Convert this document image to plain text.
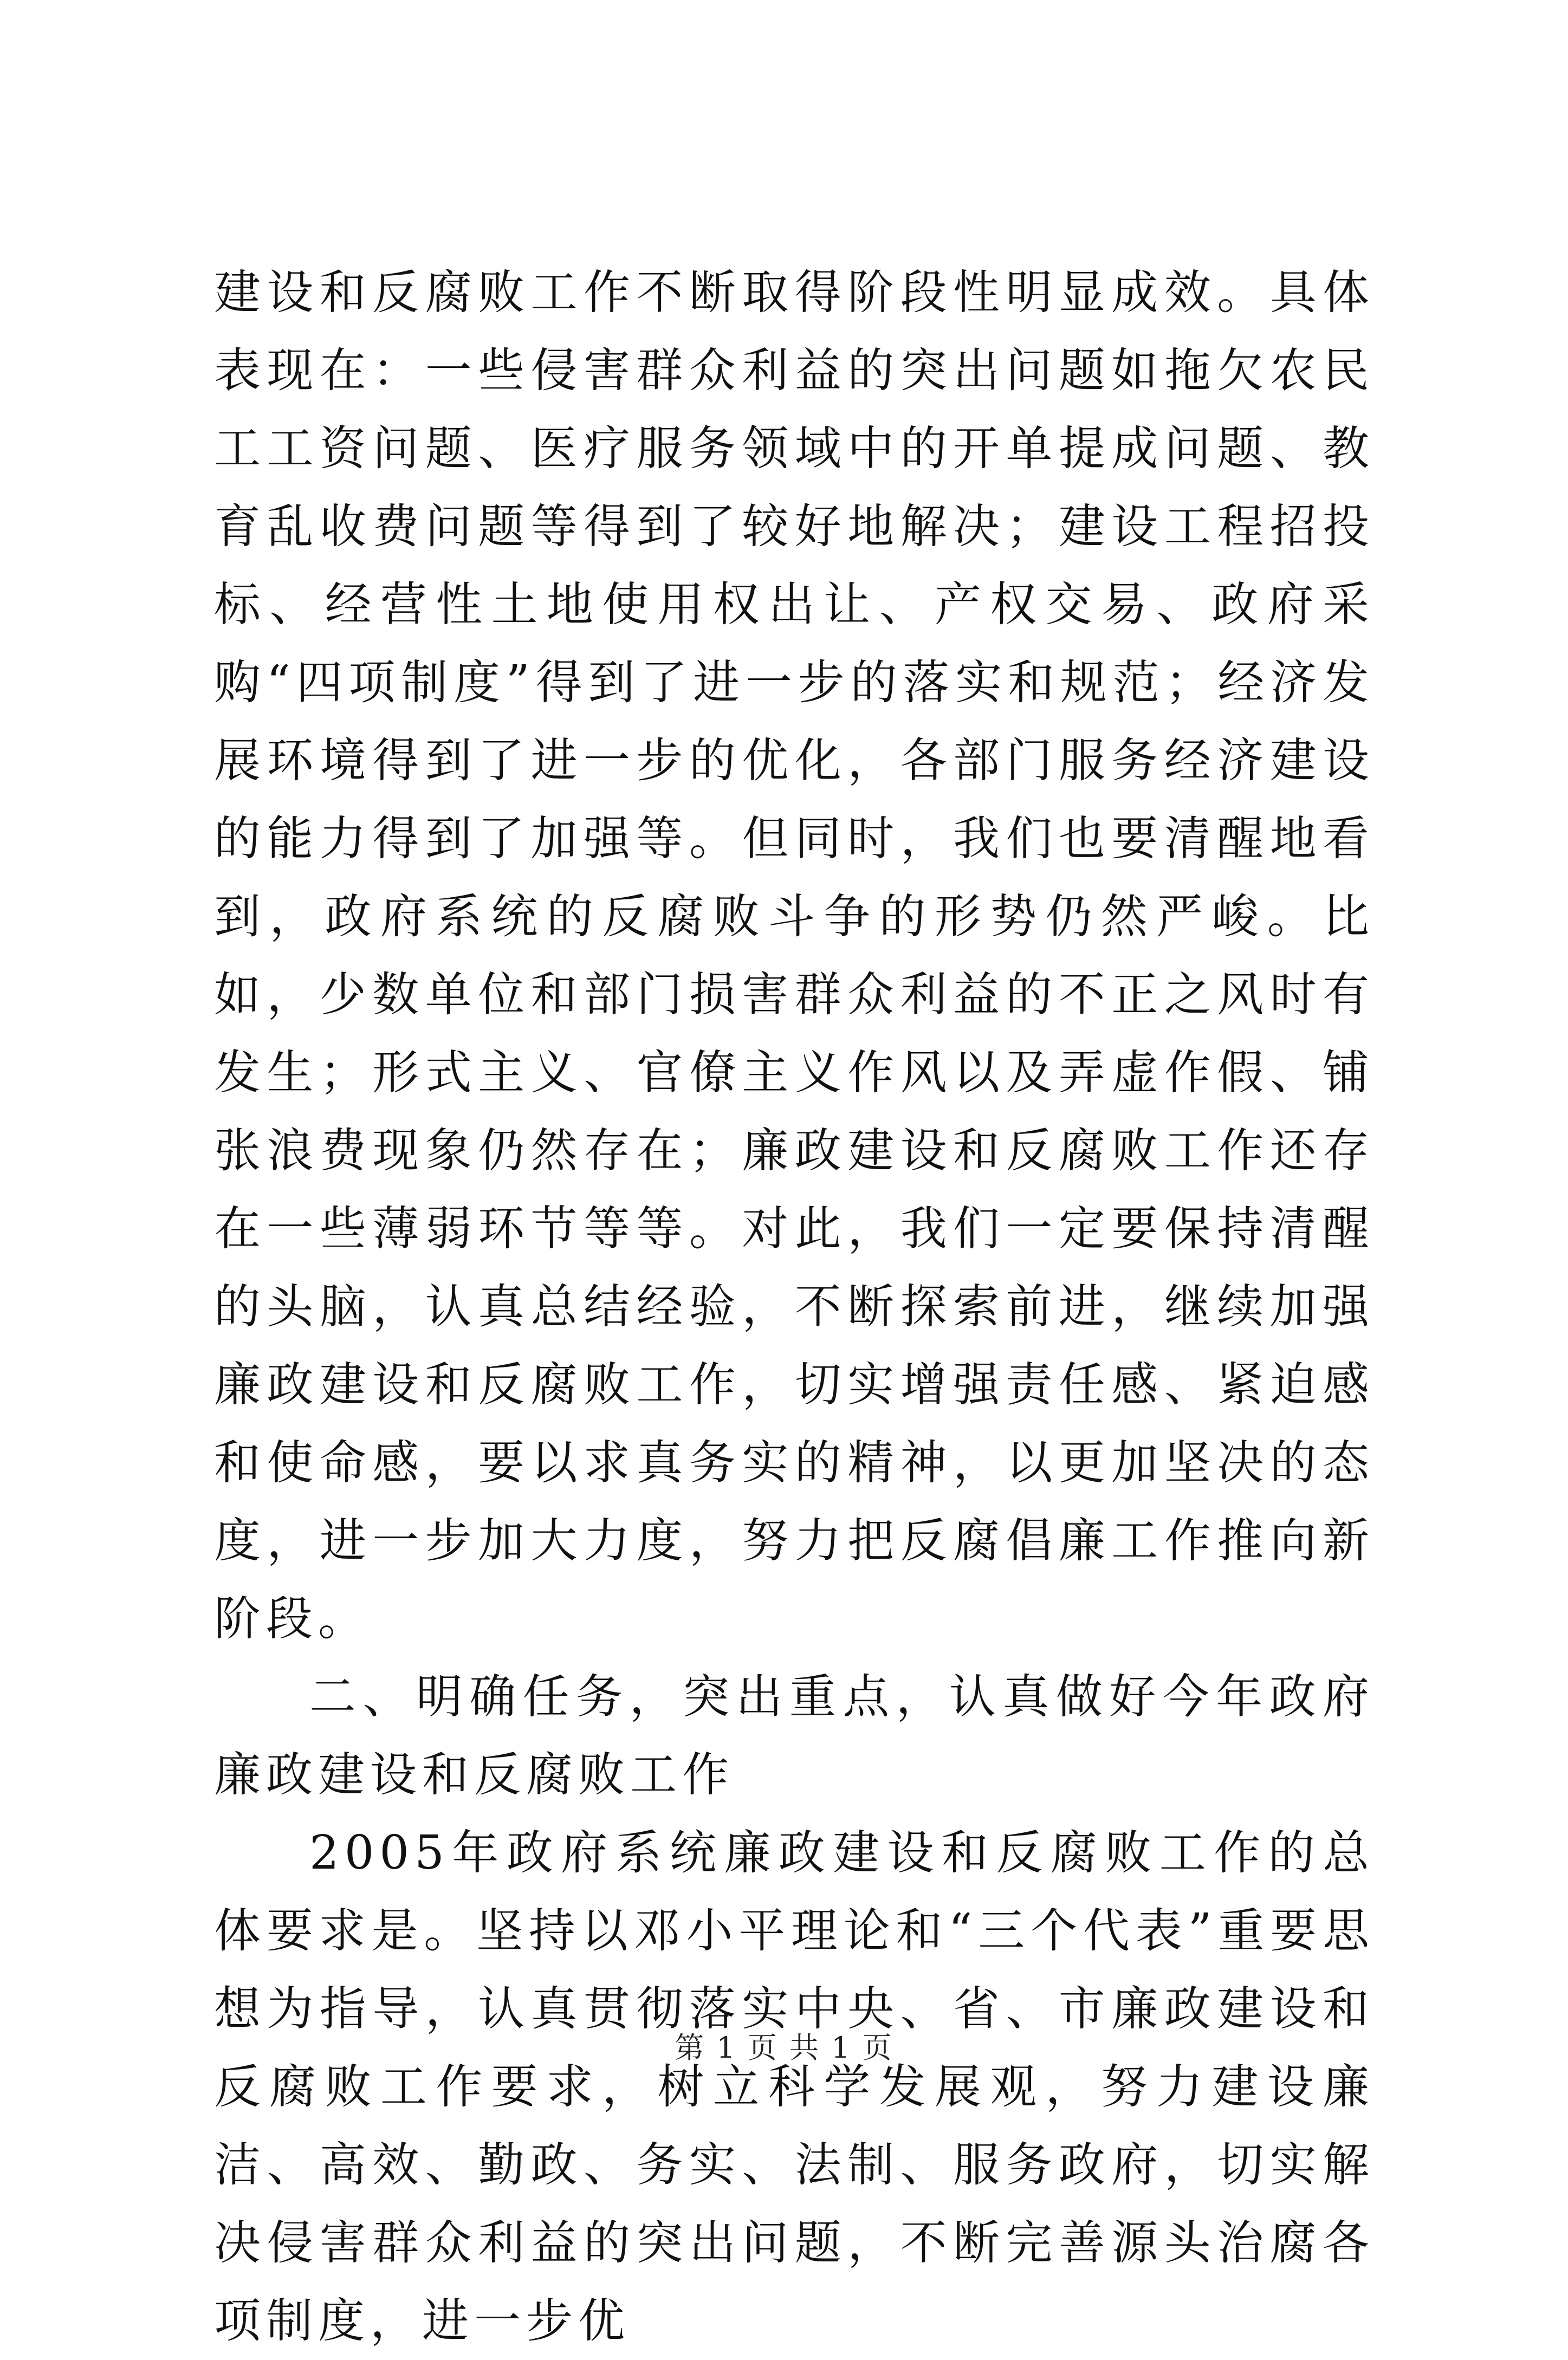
建设和反腐败工作不断取得阶段性明显成效。具体表现在：一些侵害群众利益的突出问题如拖欠农民工工资问题、医疗服务领域中的开单提成问题、教育乱收费问题等得到了较好地解决；建设工程招投标、经营性土地使用权出让、产权交易、政府采购“四项制度”得到了进一步的落实和规范；经济发展环境得到了进一步的优化，各部门服务经济建设的能力得到了加强等。但同时，我们也要清醒地看到，政府系统的反腐败斗争的形势仍然严峻。比如，少数单位和部门损害群众利益的不正之风时有发生；形式主义、官僚主义作风以及弄虚作假、铺张浪费现象仍然存在；廉政建设和反腐败工作还存在一些薄弱环节等等。对此，我们一定要保持清醒的头脑，认真总结经验，不断探索前进，继续加强廉政建设和反腐败工作，切实增强责任感、紧迫感和使命感，要以求真务实的精神，以更加坚决的态度，进一步加大力度，努力把反腐倡廉工作推向新阶段。

二、明确任务，突出重点，认真做好今年政府廉政建设和反腐败工作

2005年政府系统廉政建设和反腐败工作的总体要求是。坚持以邓小平理论和“三个代表”重要思想为指导，认真贯彻落实中央、省、市廉政建设和反腐败工作要求，树立科学发展观，努力建设廉洁、高效、勤政、务实、法制、服务政府，切实解决侵害群众利益的突出问题，不断完善源头治腐各项制度，进一步优

第 1 页 共 1 页
